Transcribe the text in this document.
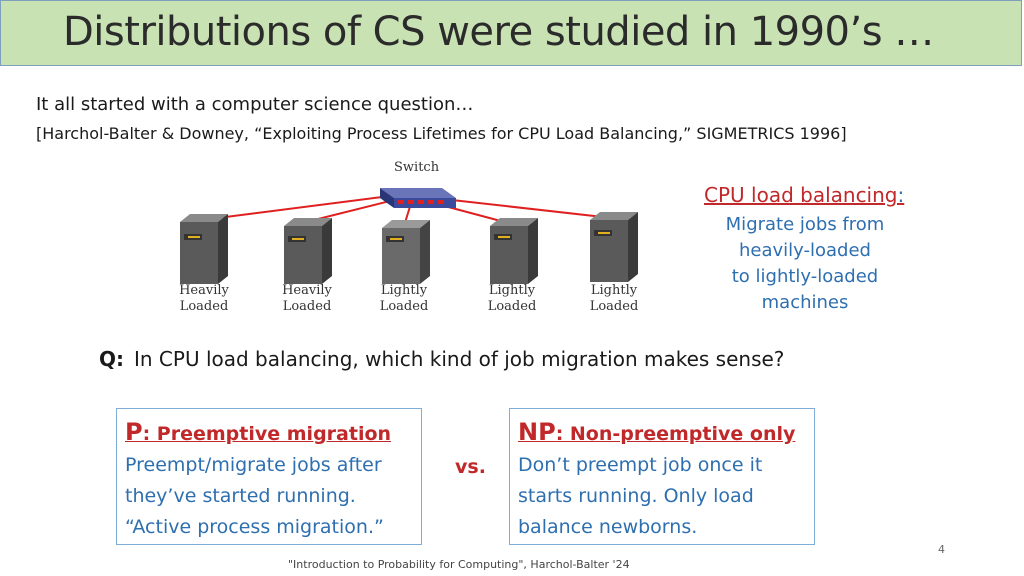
Distributions of CS were studied in 1990’s …
It all started with a computer science question…
[Harchol-Balter & Downey, “Exploiting Process Lifetimes for CPU Load Balancing,” SIGMETRICS 1996]
Switch
Heavily
Loaded
Heavily
Loaded
Lightly
Loaded
Lightly
Loaded
Lightly
Loaded
CPU load balancing:
Migrate jobs from
heavily-loaded
to lightly-loaded
machines
Q: In CPU load balancing, which kind of job migration makes sense?
P: Preemptive migration
Preempt/migrate jobs after
they’ve started running.
“Active process migration.”
vs.
NP: Non-preemptive only
Don’t preempt job once it
starts running. Only load
balance newborns.
4
"Introduction to Probability for Computing", Harchol-Balter '24
